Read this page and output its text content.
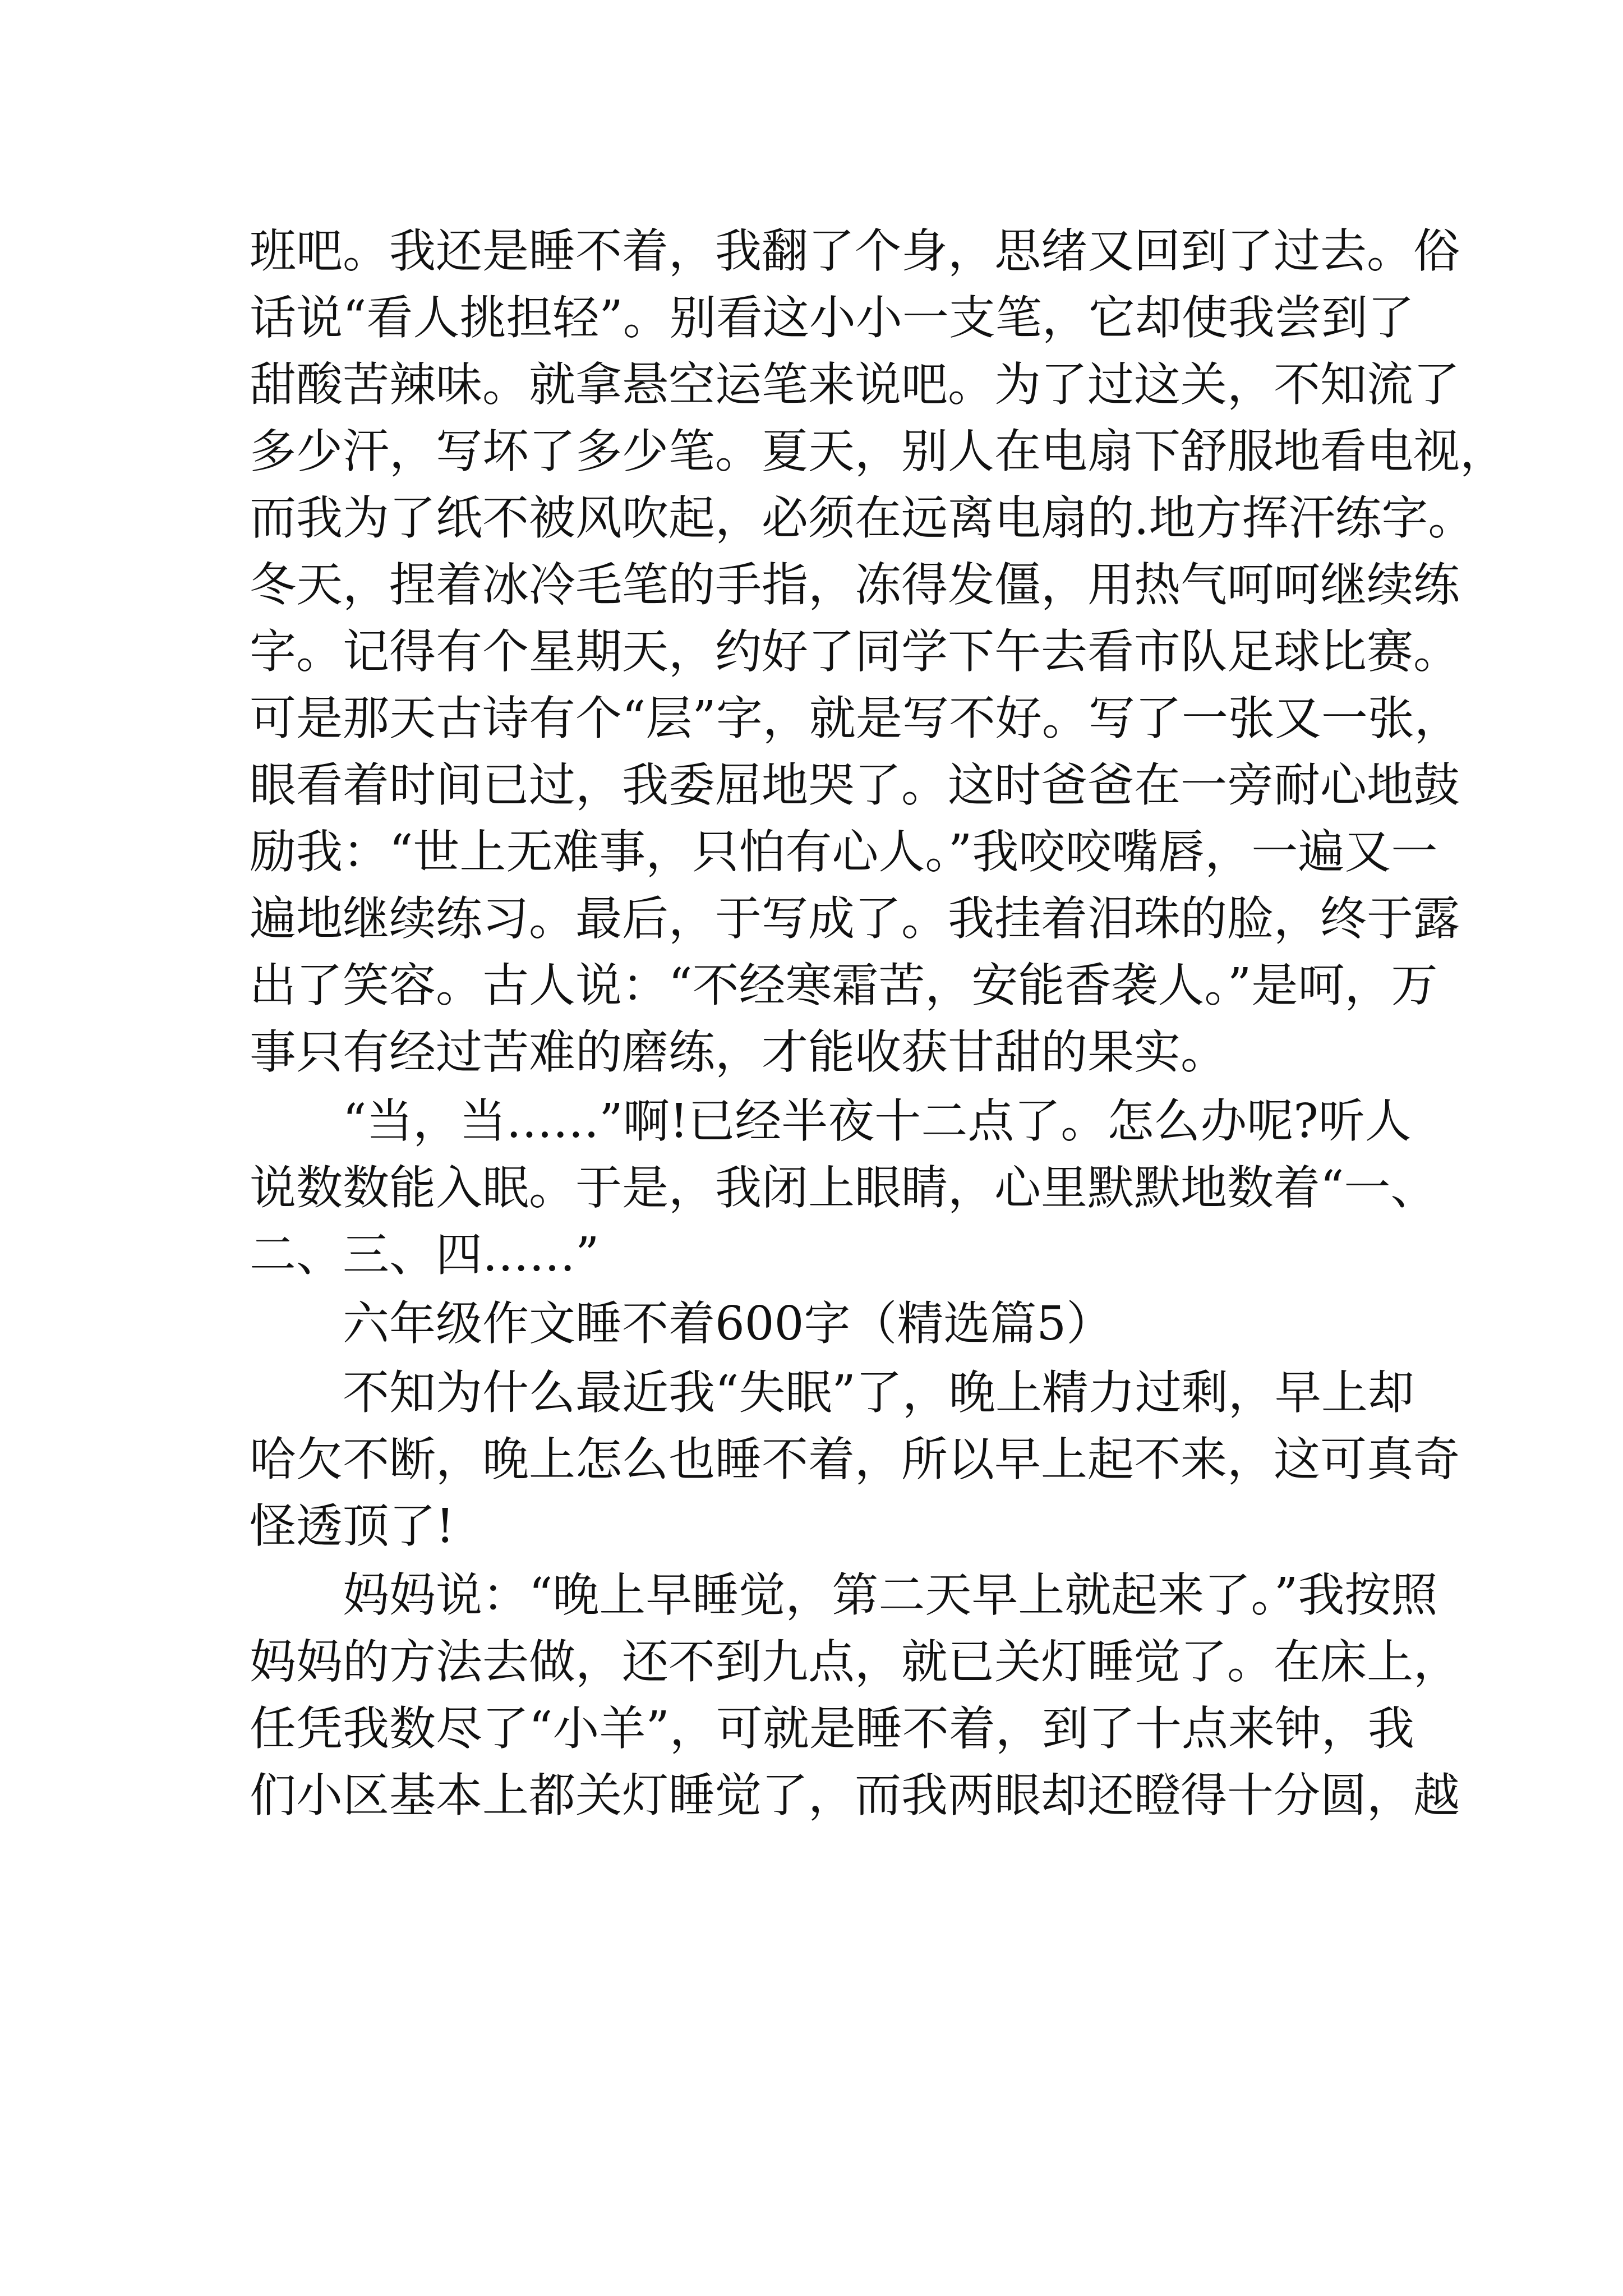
班吧。我还是睡不着，我翻了个身，思绪又回到了过去。俗
话说“看人挑担轻”。别看这小小一支笔，它却使我尝到了
甜酸苦辣味。就拿悬空运笔来说吧。为了过这关，不知流了
多少汗，写坏了多少笔。夏天，别人在电扇下舒服地看电视，
而我为了纸不被风吹起，必须在远离电扇的.地方挥汗练字。
冬天，捏着冰冷毛笔的手指，冻得发僵，用热气呵呵继续练
字。记得有个星期天，约好了同学下午去看市队足球比赛。
可是那天古诗有个“层”字，就是写不好。写了一张又一张，
眼看着时间已过，我委屈地哭了。这时爸爸在一旁耐心地鼓
励我：“世上无难事，只怕有心人。”我咬咬嘴唇，一遍又一
遍地继续练习。最后，于写成了。我挂着泪珠的脸，终于露
出了笑容。古人说：“不经寒霜苦，安能香袭人。”是呵，万
事只有经过苦难的磨练，才能收获甘甜的果实。
“当，当……”啊!已经半夜十二点了。怎么办呢?听人
说数数能入眠。于是，我闭上眼睛，心里默默地数着“一、
二、三、四……”
六年级作文睡不着600字（精选篇5）
不知为什么最近我“失眠”了，晚上精力过剩，早上却
哈欠不断，晚上怎么也睡不着，所以早上起不来，这可真奇
怪透顶了!
妈妈说：“晚上早睡觉，第二天早上就起来了。”我按照
妈妈的方法去做，还不到九点，就已关灯睡觉了。在床上，
任凭我数尽了“小羊”，可就是睡不着，到了十点来钟，我
们小区基本上都关灯睡觉了，而我两眼却还瞪得十分圆，越
